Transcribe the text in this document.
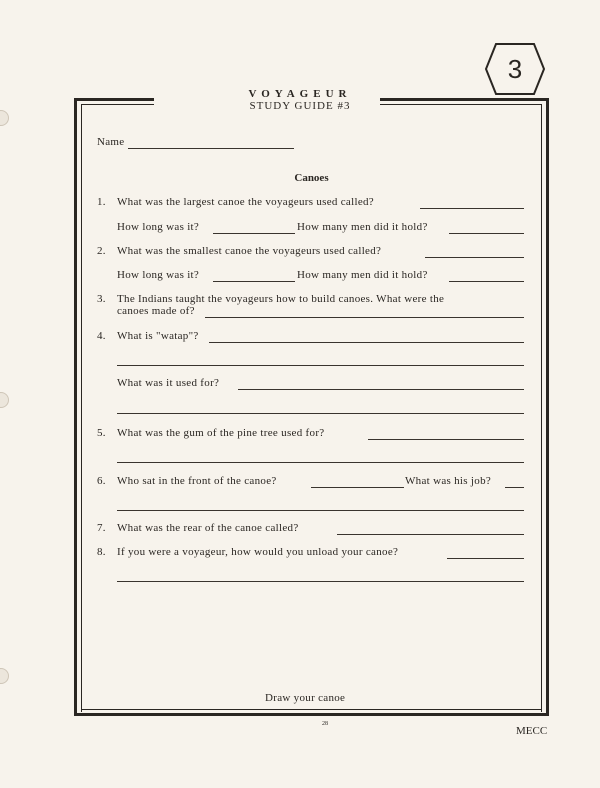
3
VOYAGEUR
STUDY GUIDE #3
Name
Canoes
1. What was the largest canoe the voyageurs used called?
How long was it?	How many men did it hold?
2. What was the smallest canoe the voyageurs used called?
How long was it?	How many men did it hold?
3. The Indians taught the voyageurs how to build canoes. What were the
canoes made of?
4. What is "watap"?
What was it used for?
5. What was the gum of the pine tree used for?
6. Who sat in the front of the canoe?	What was his job?
7. What was the rear of the canoe called?
8. If you were a voyageur, how would you unload your canoe?
Draw your canoe
28
MECC
